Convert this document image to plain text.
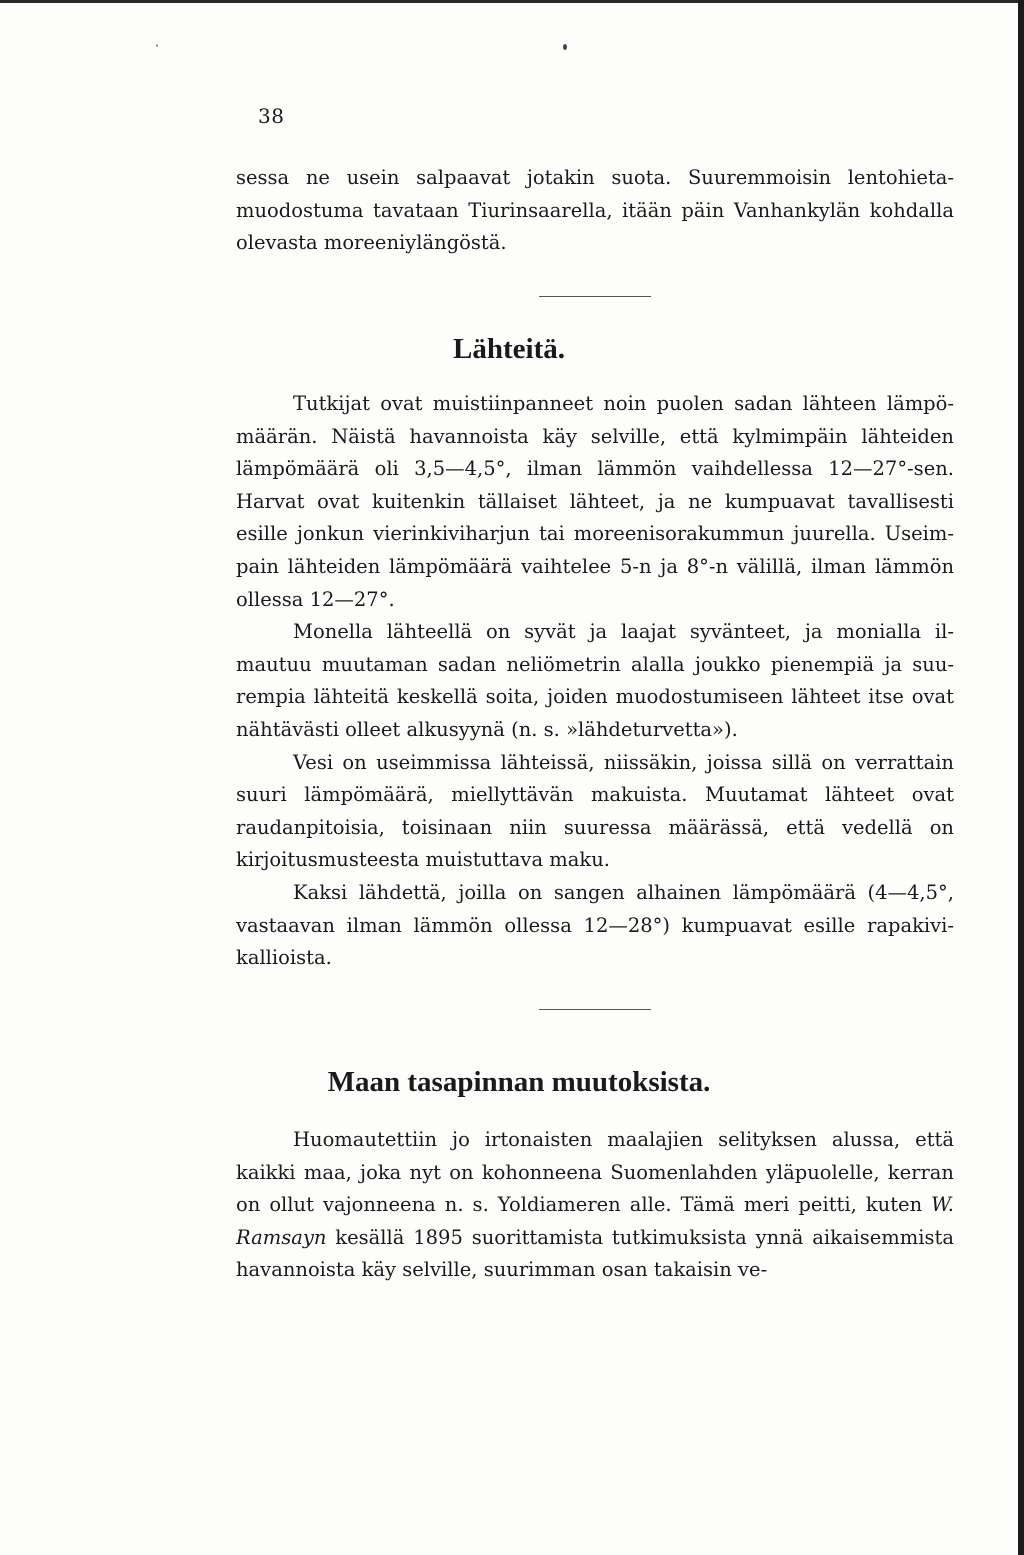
38

sessa ne usein salpaavat jotakin suota. Suuremmoisin lentohietamuodostuma tavataan Tiurinsaarella, itään päin Vanhankylän kohdalla olevasta moreeniylängöstä.

Lähteitä.

Tutkijat ovat muistiinpanneet noin puolen sadan lähteen lämpömäärän. Näistä havannoista käy selville, että kylmimpäin lähteiden lämpömäärä oli 3,5—4,5°, ilman lämmön vaihdellessa 12—27°-sen. Harvat ovat kuitenkin tällaiset lähteet, ja ne kumpuavat tavallisesti esille jonkun vierinkiviharjun tai moreenisorakummun juurella. Useimpain lähteiden lämpömäärä vaihtelee 5-n ja 8°-n välillä, ilman lämmön ollessa 12—27°.

Monella lähteellä on syvät ja laajat syvänteet, ja monialla ilmautuu muutaman sadan neliömetrin alalla joukko pienempiä ja suurempia lähteitä keskellä soita, joiden muodostumiseen lähteet itse ovat nähtävästi olleet alkusyynä (n. s. »lähdeturvetta»).

Vesi on useimmissa lähteissä, niissäkin, joissa sillä on verrattain suuri lämpömäärä, miellyttävän makuista. Muutamat lähteet ovat raudanpitoisia, toisinaan niin suuressa määrässä, että vedellä on kirjoitusmusteesta muistuttava maku.

Kaksi lähdettä, joilla on sangen alhainen lämpömäärä (4—4,5°, vastaavan ilman lämmön ollessa 12—28°) kumpuavat esille rapakivikallioista.

Maan tasapinnan muutoksista.

Huomautettiin jo irtonaisten maalajien selityksen alussa, että kaikki maa, joka nyt on kohonneena Suomenlahden yläpuolelle, kerran on ollut vajonneena n. s. Yoldiameren alle. Tämä meri peitti, kuten W. Ramsayn kesällä 1895 suorittamista tutkimuksista ynnä aikaisemmista havannoista käy selville, suurimman osan takaisin ve-
